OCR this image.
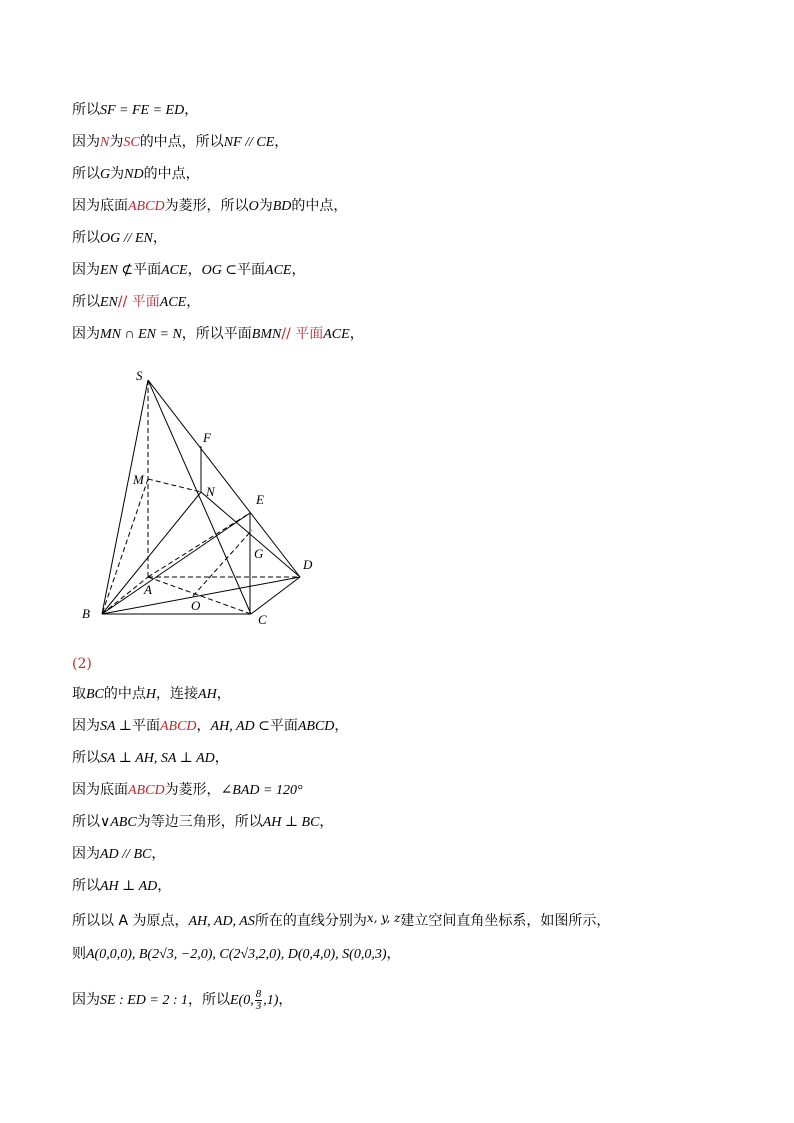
所以SF = FE = ED，
因为N为SC的中点，所以NF // CE，
所以G为ND的中点，
因为底面ABCD为菱形，所以O为BD的中点，
所以OG // EN，
因为EN ⊄平面ACE，OG ⊂平面ACE，
所以EN// 平面ACE，
因为MN ∩ EN = N，所以平面BMN// 平面ACE，
S
F
M
N
E
G
D
A
O
B	C
(2)
取BC的中点H，连接AH，
因为SA ⊥平面ABCD，AH, AD ⊂平面ABCD，
所以SA ⊥ AH, SA ⊥ AD，
因为底面ABCD为菱形，∠BAD = 120°
所以∨ABC为等边三角形，所以AH ⊥ BC，
因为AD // BC，
所以AH ⊥ AD，
所以以 A 为原点，AH, AD, AS所在的直线分别为x, y, z建立空间直角坐标系，如图所示，
则A(0,0,0), B(2√3, −2,0), C(2√3,2,0), D(0,4,0), S(0,0,3)，
因为SE : ED = 2 : 1，所以E(0, $\frac{8}{3} ,1$)，
